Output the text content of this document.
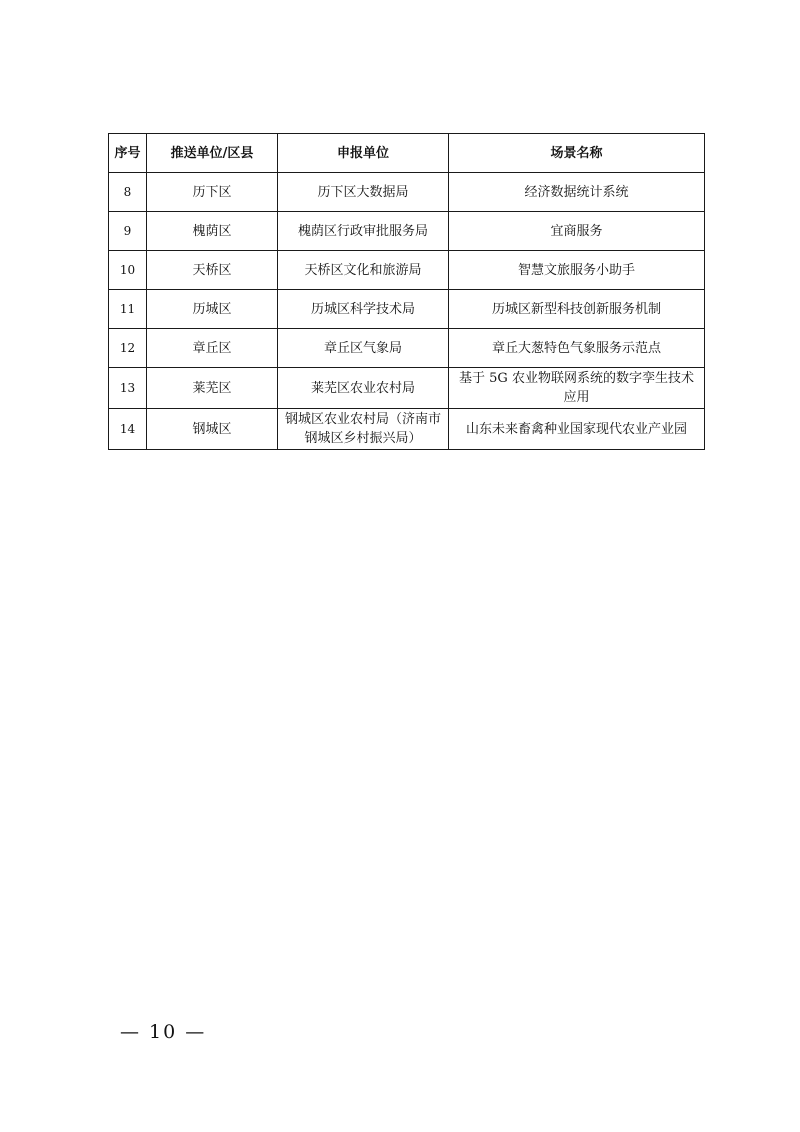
序号	推送单位/区县	申报单位	场景名称
8	历下区	历下区大数据局	经济数据统计系统
9	槐荫区	槐荫区行政审批服务局	宜商服务
10	天桥区	天桥区文化和旅游局	智慧文旅服务小助手
11	历城区	历城区科学技术局	历城区新型科技创新服务机制
12	章丘区	章丘区气象局	章丘大葱特色气象服务示范点
13	莱芜区	莱芜区农业农村局	基于 5G 农业物联网系统的数字孪生技术应用
14	钢城区	钢城区农业农村局（济南市钢城区乡村振兴局）	山东未来畜禽种业国家现代农业产业园
— 10 —
